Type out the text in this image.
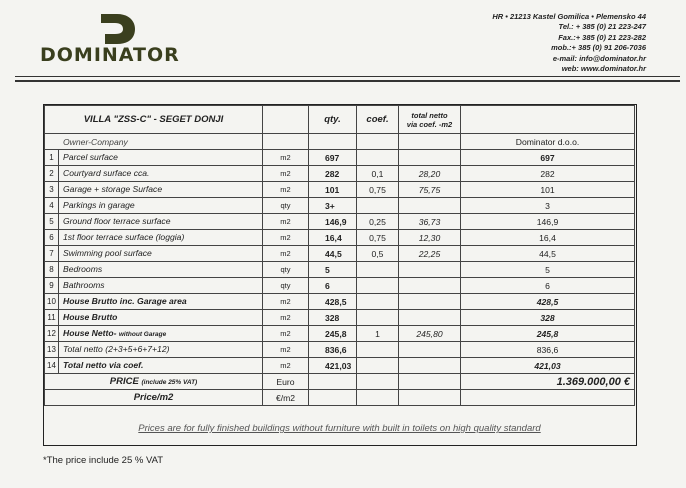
DOMINATOR
HR • 21213 Kastel Gomilica • Plemensko 44
Tel.: + 385 (0) 21 223-247
Fax.:+ 385 (0) 21 223-282
mob.:+ 385 (0) 91 206-7036
e-mail: info@dominator.hr
web: www.dominator.hr
VILLA "ZSS-C" - SEGET DONJI		qty.	coef.	total netto
via coef. -m2	

Owner-Company					Dominator d.o.o.
1 Parcel surface	m2	697			697
2 Courtyard surface cca.	m2	282	0,1	28,20	282
3 Garage + storage Surface	m2	101	0,75	75,75	101
4 Parkings in garage	qty	3+			3
5 Ground floor terrace surface	m2	146,9	0,25	36,73	146,9
6 1st floor terrace surface (loggia)	m2	16,4	0,75	12,30	16,4
7 Swimming pool surface	m2	44,5	0,5	22,25	44,5
8 Bedrooms	qty	5			5
9 Bathrooms	qty	6			6
10 House Brutto inc. Garage area	m2	428,5			428,5
11 House Brutto	m2	328			328
12 House Netto- without Garage	m2	245,8	1	245,80	245,8
13 Total netto (2+3+5+6+7+12)	m2	836,6			836,6
14 Total netto via coef.	m2	421,03			421,03
PRICE (include 25% VAT)	Euro				1.369.000,00 €
Price/m2	€/m2				
Prices are for fully finished buildings without furniture with built in toilets on high quality standard
*The price include 25 % VAT
